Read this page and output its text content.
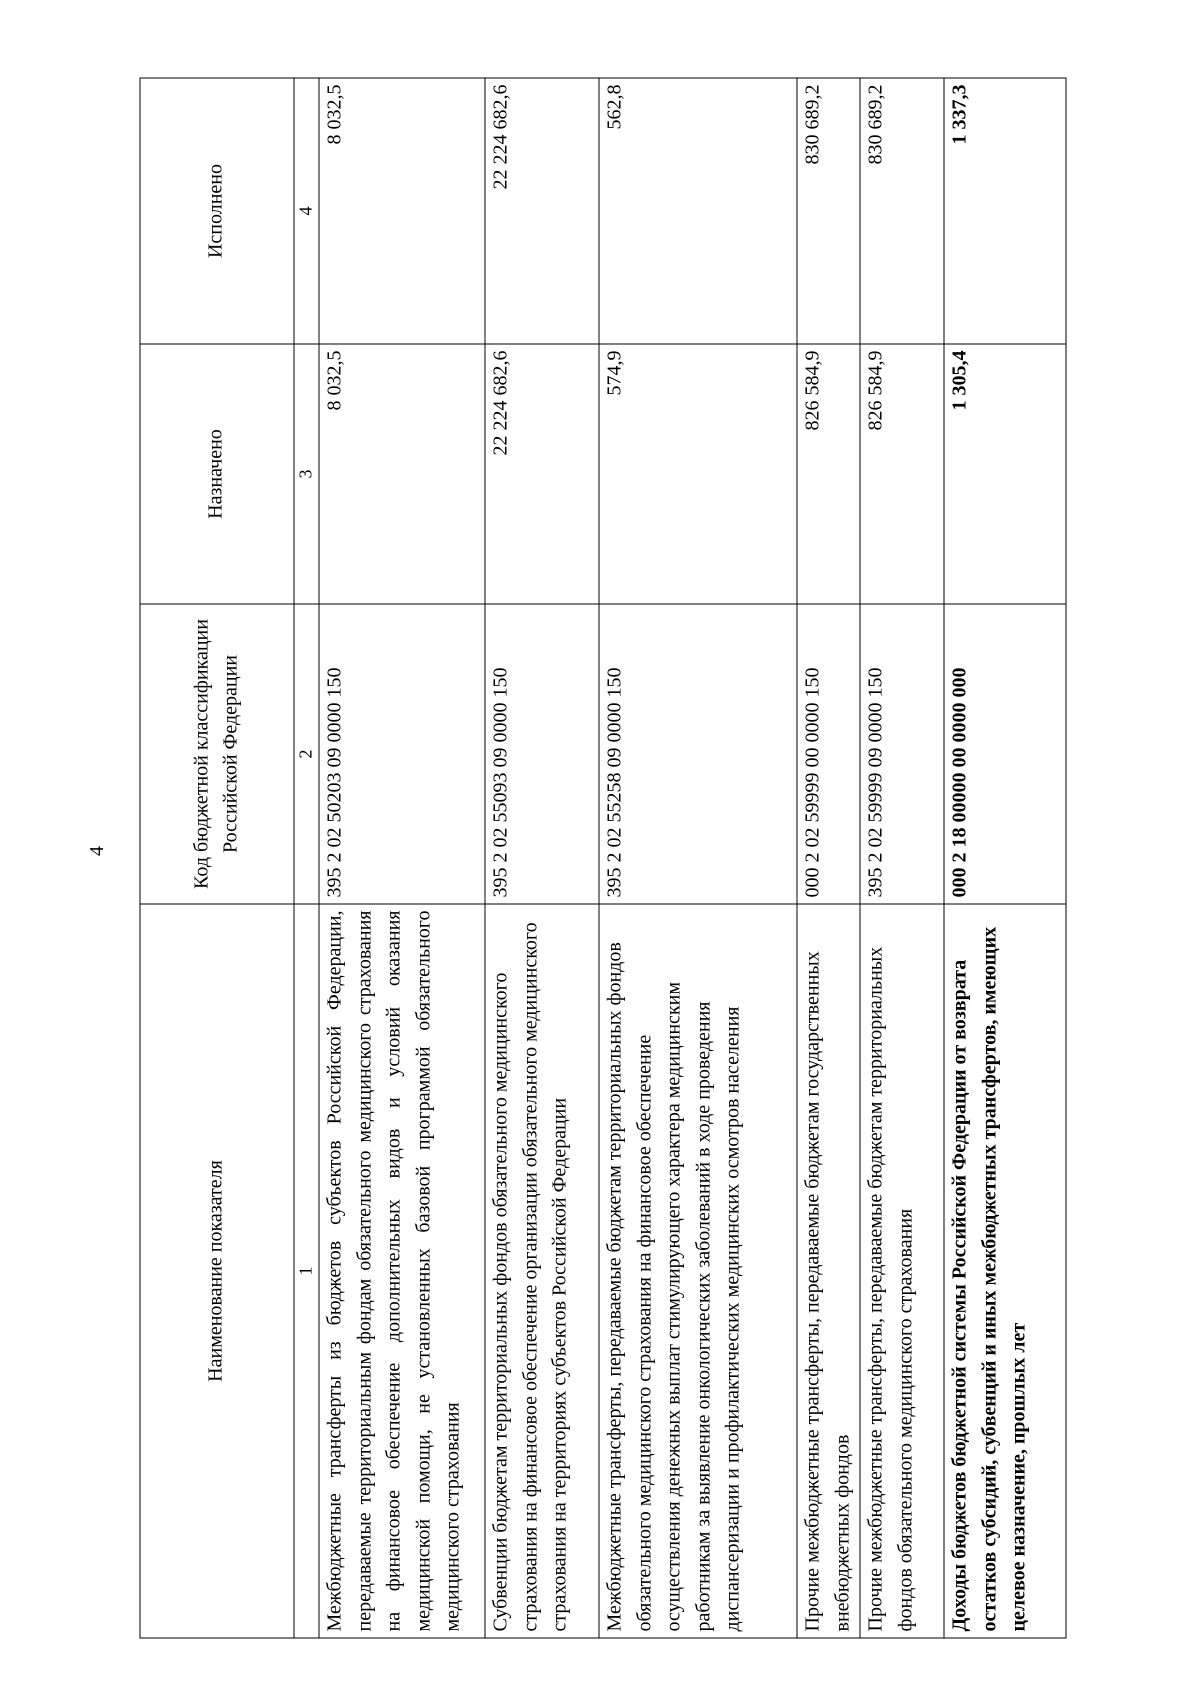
4
Наименование показателя	Код бюджетной классификации Российской Федерации	Назначено	Исполнено
1	2	3	4
Межбюджетные трансферты из бюджетов субъектов Российской Федерации, передаваемые территориальным фондам обязательного медицинского страхования на финансовое обеспечение дополнительных видов и условий оказания медицинской помощи, не установленных базовой программой обязательного медицинского страхования	395 2 02 50203 09 0000 150	8 032,5	8 032,5
Субвенции бюджетам территориальных фондов обязательного медицинского страхования на финансовое обеспечение организации обязательного медицинского страхования на территориях субъектов Российской Федерации	395 2 02 55093 09 0000 150	22 224 682,6	22 224 682,6
Межбюджетные трансферты, передаваемые бюджетам территориальных фондов обязательного медицинского страхования на финансовое обеспечение осуществления денежных выплат стимулирующего характера медицинским работникам за выявление онкологических заболеваний в ходе проведения диспансеризации и профилактических медицинских осмотров населения	395 2 02 55258 09 0000 150	574,9	562,8
Прочие межбюджетные трансферты, передаваемые бюджетам государственных внебюджетных фондов	000 2 02 59999 00 0000 150	826 584,9	830 689,2
Прочие межбюджетные трансферты, передаваемые бюджетам территориальных фондов обязательного медицинского страхования	395 2 02 59999 09 0000 150	826 584,9	830 689,2
Доходы бюджетов бюджетной системы Российской Федерации от возврата остатков субсидий, субвенций и иных межбюджетных трансфертов, имеющих целевое назначение, прошлых лет	000 2 18 00000 00 0000 000	1 305,4	1 337,3
